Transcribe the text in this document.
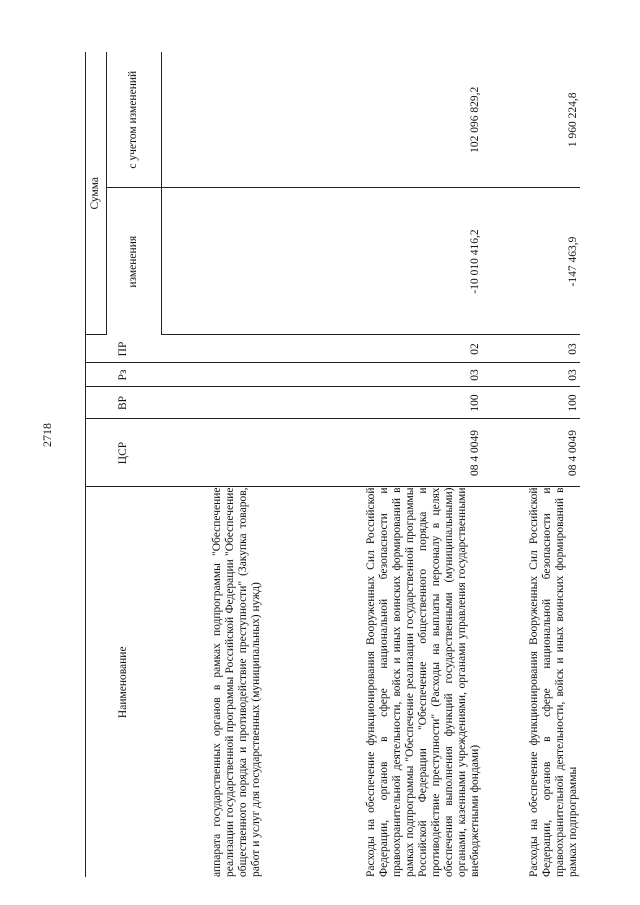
2718
Наименование	ЦСР	ВР	Рз	ПР	Сумма	
					изменения	с учетом изменений

аппарата государственных органов в рамках подпрограммы "Обеспечение реализации государственной программы Российской Федерации "Обеспечение общественного порядка и противодействие преступности" (Закупка товаров, работ и услуг для государственных (муниципальных) нужд)						
Расходы на обеспечение функционирования Вооруженных Сил Российской Федерации, органов в сфере национальной безопасности и правоохранительной деятельности, войск и иных воинских формирований в рамках подпрограммы "Обеспечение реализации государственной программы Российской Федерации "Обеспечение общественного порядка и противодействие преступности" (Расходы на выплаты персоналу в целях обеспечения выполнения функций государственными (муниципальными) органами, казенными учреждениями, органами управления государственными внебюджетными фондами)	08 4 0049	100	03	02	-10 010 416,2	102 096 829,2
Расходы на обеспечение функционирования Вооруженных Сил Российской Федерации, органов в сфере национальной безопасности и правоохранительной деятельности, войск и иных воинских формирований в рамках подпрограммы	08 4 0049	100	03	03	-147 463,9	1 960 224,8
